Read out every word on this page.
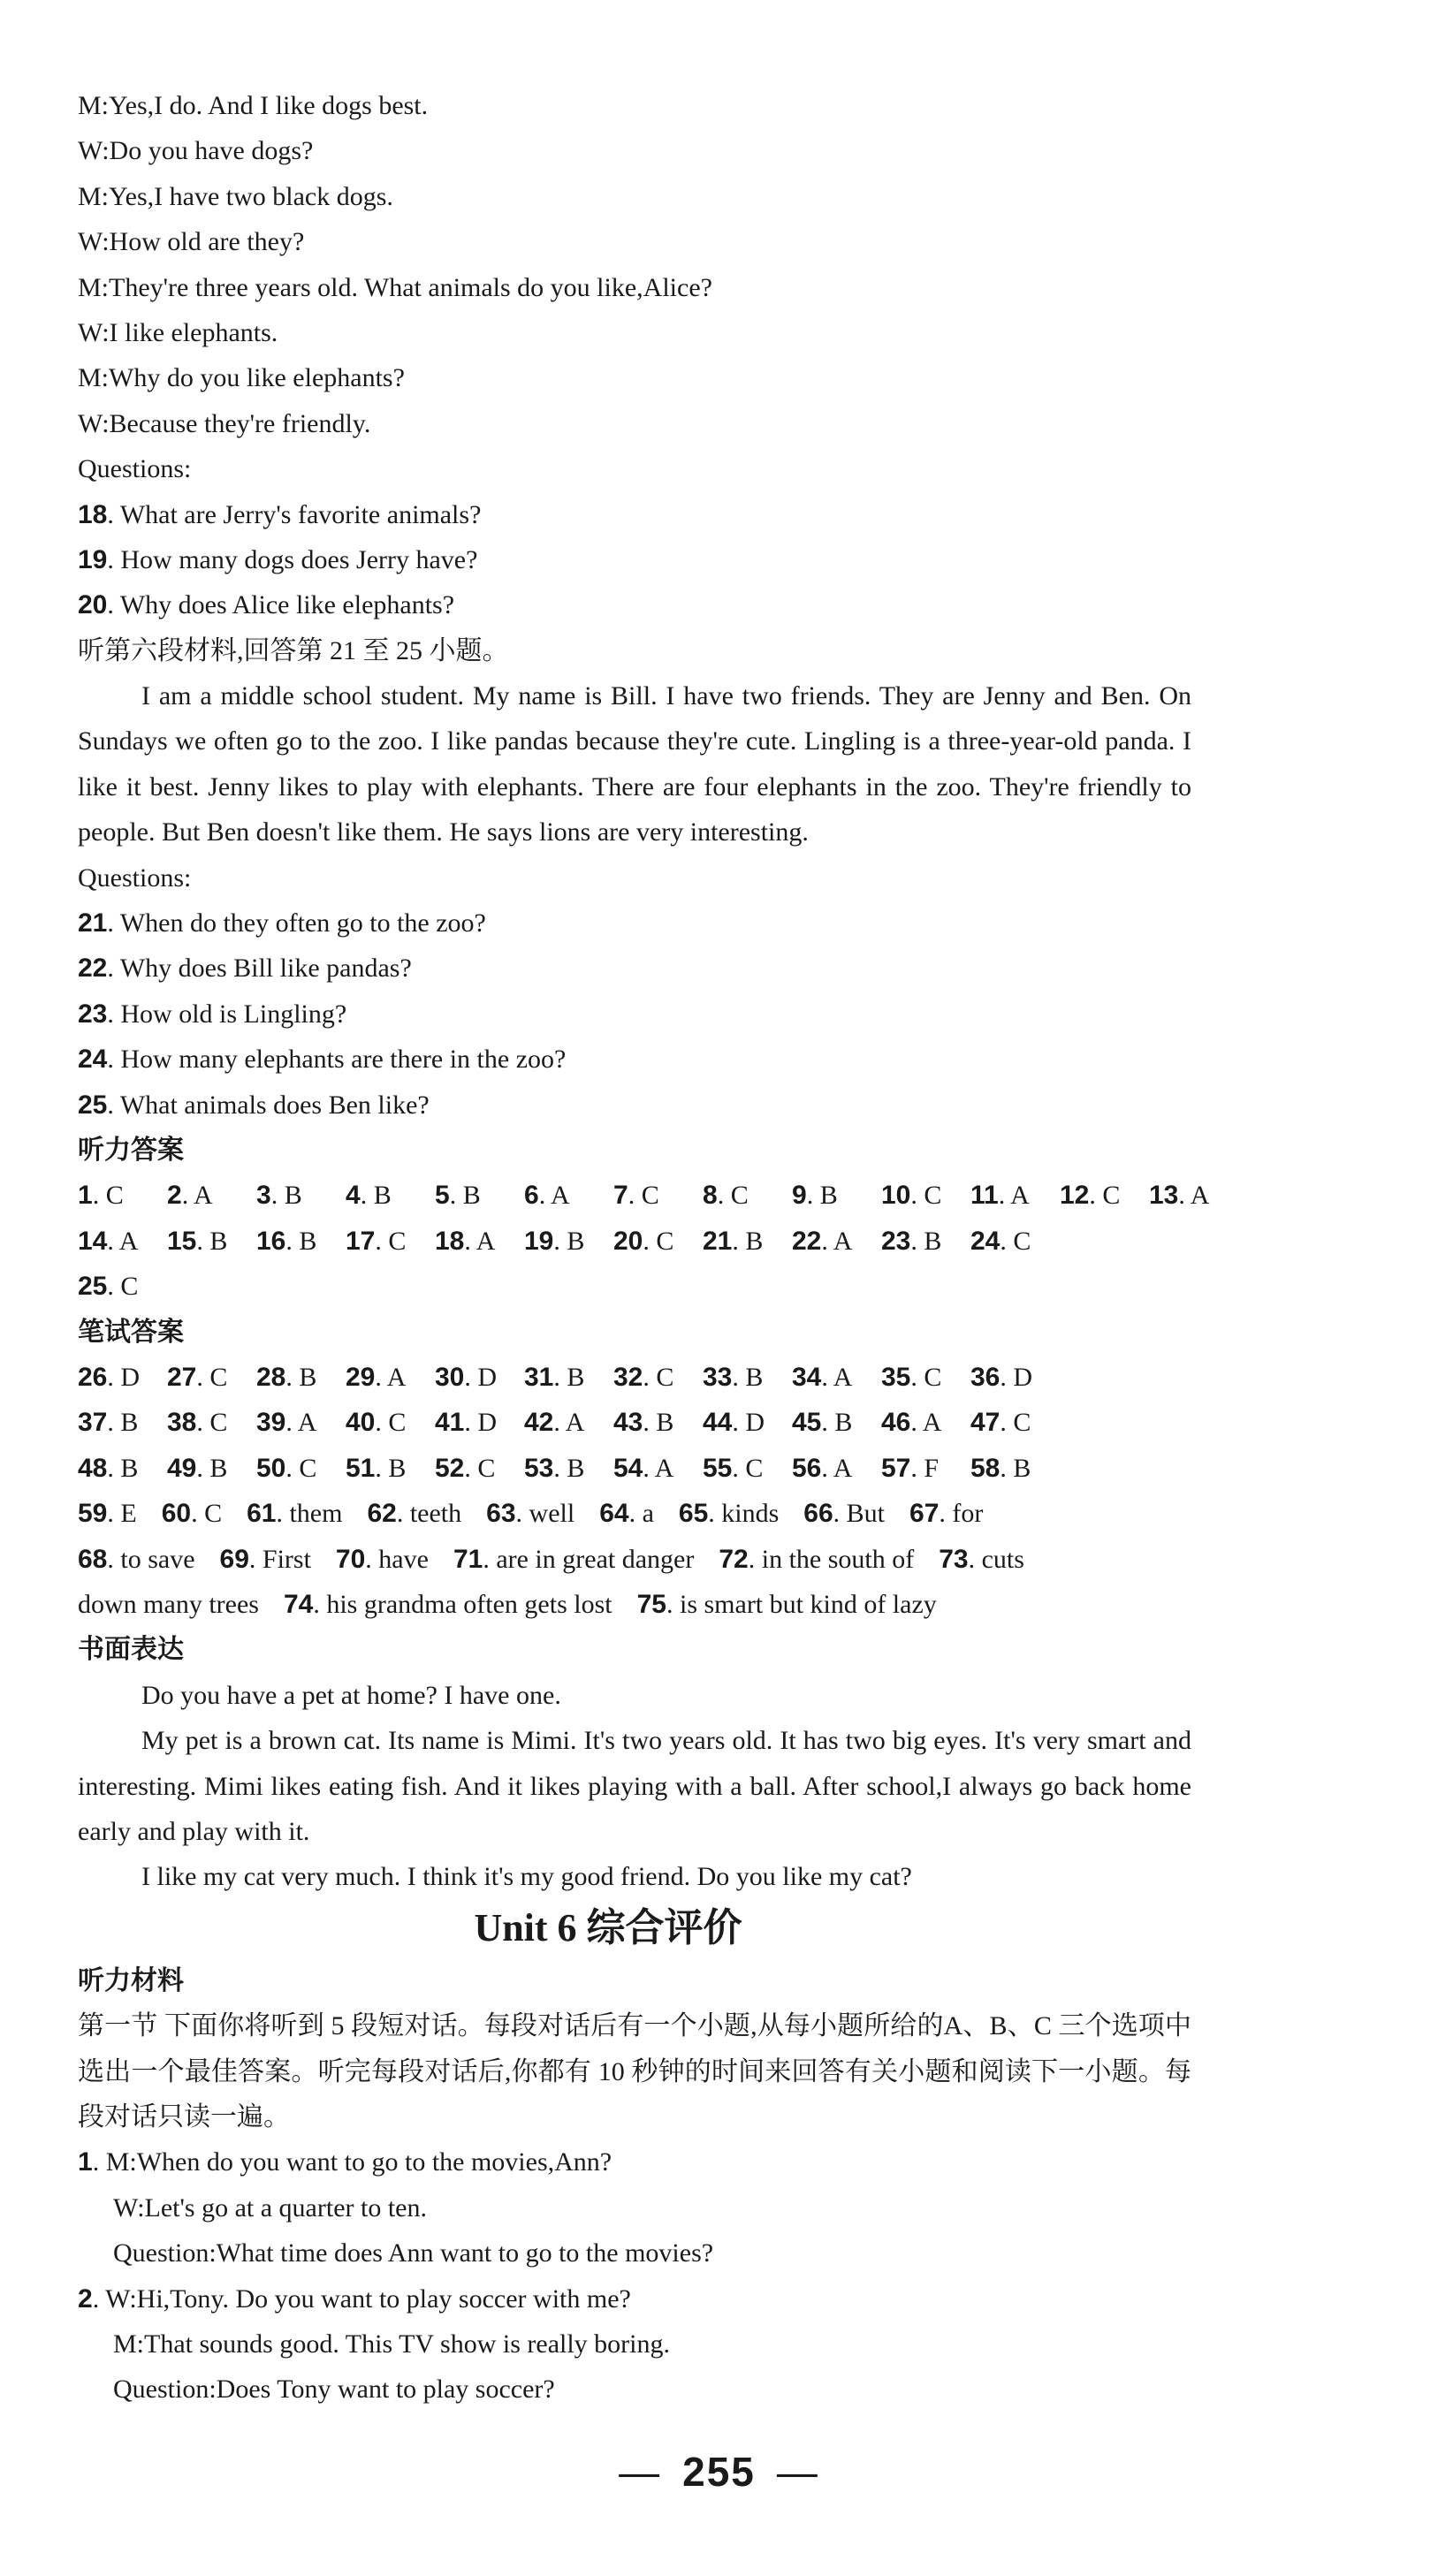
M:Yes,I do. And I like dogs best.
W:Do you have dogs?
M:Yes,I have two black dogs.
W:How old are they?
M:They're three years old. What animals do you like,Alice?
W:I like elephants.
M:Why do you like elephants?
W:Because they're friendly.
Questions:
18. What are Jerry's favorite animals?
19. How many dogs does Jerry have?
20. Why does Alice like elephants?
听第六段材料,回答第 21 至 25 小题。
I am a middle school student. My name is Bill. I have two friends. They are Jenny and Ben. On Sundays we often go to the zoo. I like pandas because they're cute. Lingling is a three-year-old panda. I like it best. Jenny likes to play with elephants. There are four elephants in the zoo. They're friendly to people. But Ben doesn't like them. He says lions are very interesting.
Questions:
21. When do they often go to the zoo?
22. Why does Bill like pandas?
23. How old is Lingling?
24. How many elephants are there in the zoo?
25. What animals does Ben like?
听力答案
1. C	2. A	3. B	4. B	5. B	6. A	7. C	8. C	9. B	10. C	11. A	12. C	13. A
14. A	15. B	16. B	17. C	18. A	19. B	20. C	21. B	22. A	23. B	24. C
25. C
笔试答案
26. D	27. C	28. B	29. A	30. D	31. B	32. C	33. B	34. A	35. C	36. D
37. B	38. C	39. A	40. C	41. D	42. A	43. B	44. D	45. B	46. A	47. C
48. B	49. B	50. C	51. B	52. C	53. B	54. A	55. C	56. A	57. F	58. B
59. E 60. C 61. them 62. teeth 63. well 64. a 65. kinds 66. But 67. for
68. to save 69. First 70. have 71. are in great danger 72. in the south of 73. cuts
down many trees 74. his grandma often gets lost 75. is smart but kind of lazy
书面表达
Do you have a pet at home? I have one.
My pet is a brown cat. Its name is Mimi. It's two years old. It has two big eyes. It's very smart and interesting. Mimi likes eating fish. And it likes playing with a ball. After school,I always go back home early and play with it.
I like my cat very much. I think it's my good friend. Do you like my cat?
Unit 6 综合评价
听力材料
第一节 下面你将听到 5 段短对话。每段对话后有一个小题,从每小题所给的A、B、C 三个选项中选出一个最佳答案。听完每段对话后,你都有 10 秒钟的时间来回答有关小题和阅读下一小题。每段对话只读一遍。
1. M:When do you want to go to the movies,Ann?
W:Let's go at a quarter to ten.
Question:What time does Ann want to go to the movies?
2. W:Hi,Tony. Do you want to play soccer with me?
M:That sounds good. This TV show is really boring.
Question:Does Tony want to play soccer?
— 255 —
